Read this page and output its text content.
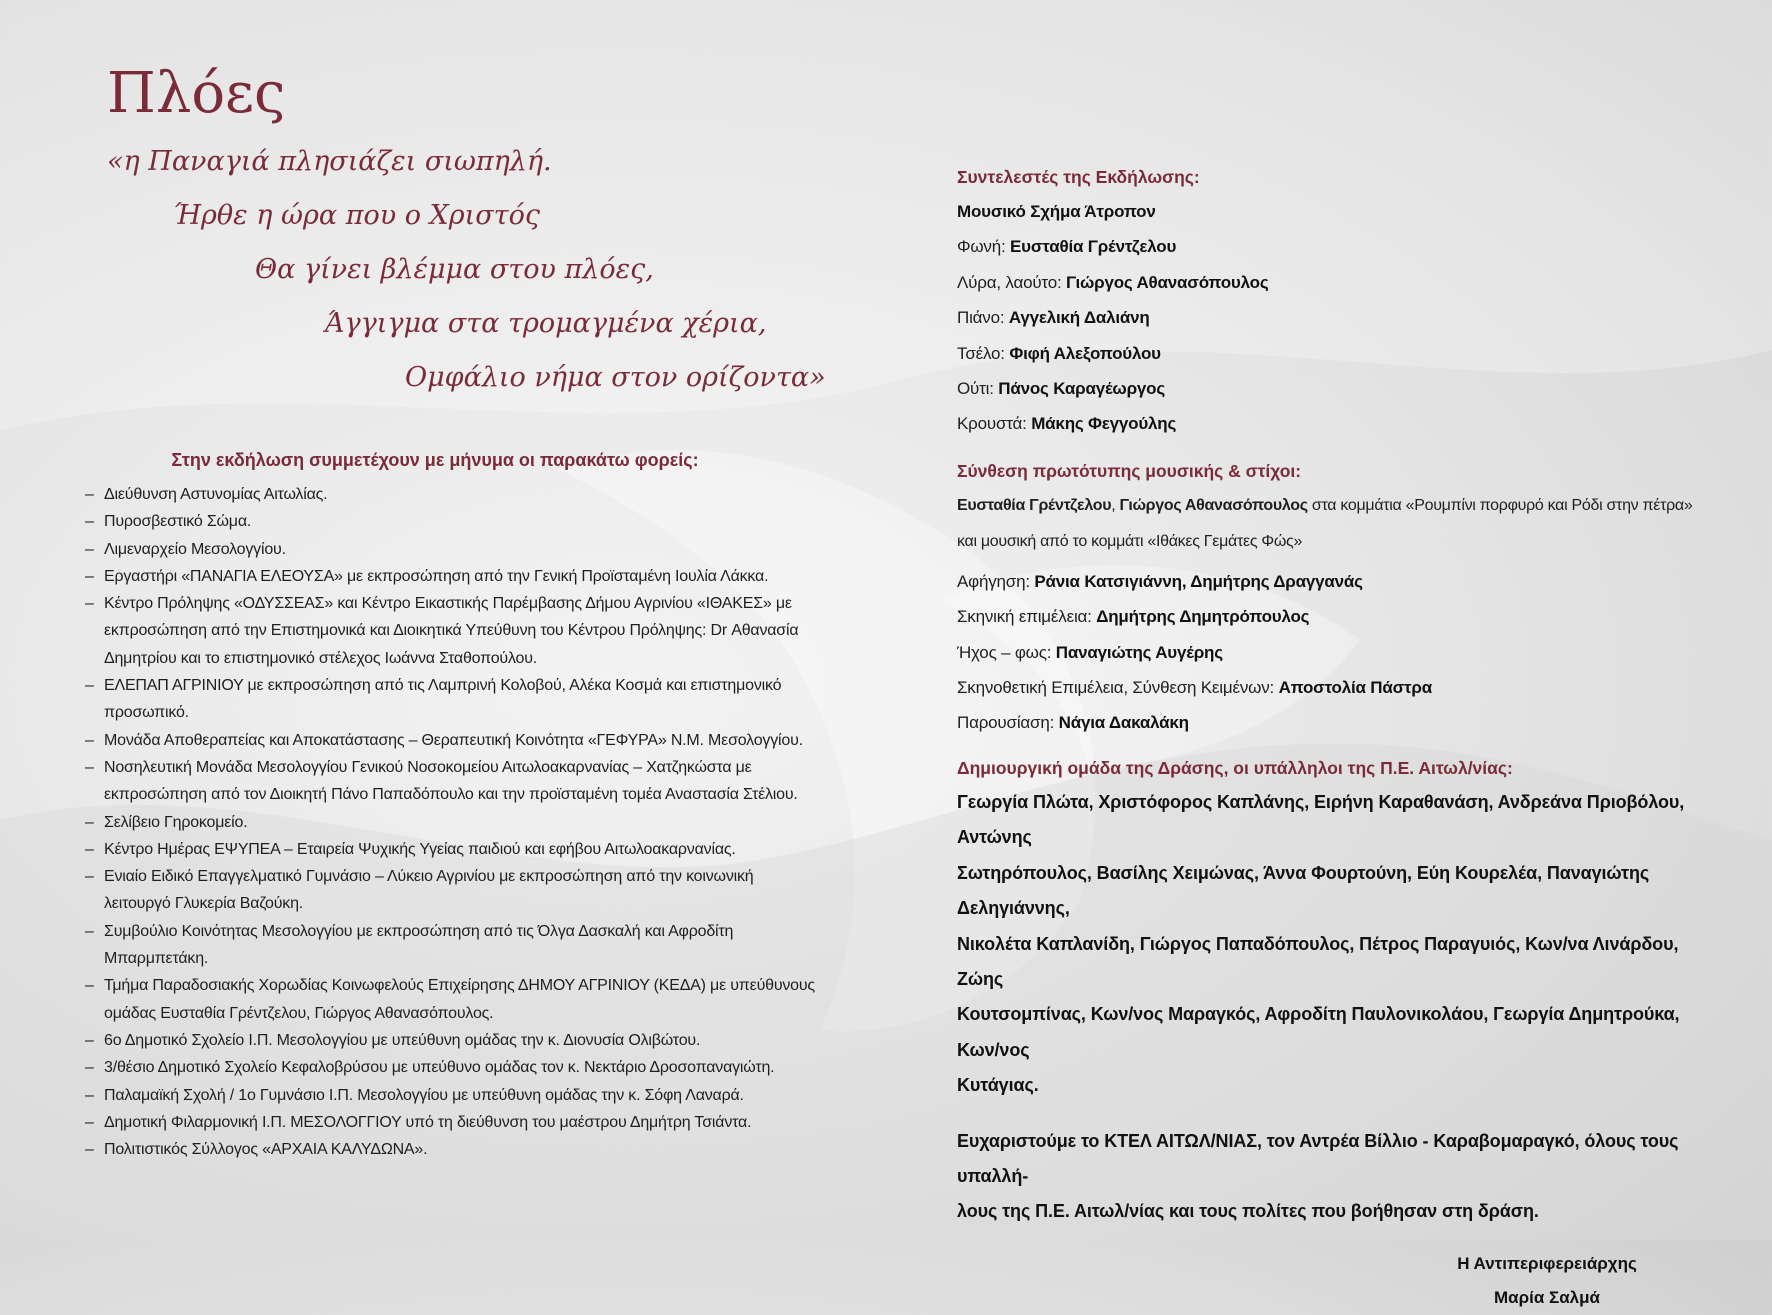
Πλόες
«η Παναγιά πλησιάζει σιωπηλή.
Ήρθε η ώρα που ο Χριστός
Θα γίνει βλέμμα στου πλόες,
Άγγιγμα στα τρομαγμένα χέρια,
Ομφάλιο νήμα στον ορίζοντα»
Στην εκδήλωση συμμετέχουν με μήνυμα οι παρακάτω φορείς:
– Διεύθυνση Αστυνομίας Αιτωλίας.
– Πυροσβεστικό Σώμα.
– Λιμεναρχείο Μεσολογγίου.
– Εργαστήρι «ΠΑΝΑΓΙΑ ΕΛΕΟΥΣΑ» με εκπροσώπηση από την Γενική Προϊσταμένη Ιουλία Λάκκα.
– Κέντρο Πρόληψης «ΟΔΥΣΣΕΑΣ» και Κέντρο Εικαστικής Παρέμβασης Δήμου Αγρινίου «ΙΘΑΚΕΣ» με εκπροσώπηση από την Επιστημονικά και Διοικητικά Υπεύθυνη του Κέντρου Πρόληψης: Dr Αθανασία Δημητρίου και το επιστημονικό στέλεχος Ιωάννα Σταθοπούλου.
– ΕΛΕΠΑΠ ΑΓΡΙΝΙΟΥ με εκπροσώπηση από τις Λαμπρινή Κολοβού, Αλέκα Κοσμά και επιστημονικό προσωπικό.
– Μονάδα Αποθεραπείας και Αποκατάστασης – Θεραπευτική Κοινότητα «ΓΕΦΥΡΑ» Ν.Μ. Μεσολογγίου.
– Νοσηλευτική Μονάδα Μεσολογγίου Γενικού Νοσοκομείου Αιτωλοακαρνανίας – Χατζηκώστα με εκπροσώπηση από τον Διοικητή Πάνο Παπαδόπουλο και την προϊσταμένη τομέα Αναστασία Στέλιου.
– Σελίβειο Γηροκομείο.
– Κέντρο Ημέρας ΕΨΥΠΕΑ – Εταιρεία Ψυχικής Υγείας παιδιού και εφήβου Αιτωλοακαρνανίας.
– Ενιαίο Ειδικό Επαγγελματικό Γυμνάσιο – Λύκειο Αγρινίου με εκπροσώπηση από την κοινωνική λειτουργό Γλυκερία Βαζούκη.
– Συμβούλιο Κοινότητας Μεσολογγίου με εκπροσώπηση από τις Όλγα Δασκαλή και Αφροδίτη Μπαρμπετάκη.
– Τμήμα Παραδοσιακής Χορωδίας Κοινωφελούς Επιχείρησης ΔΗΜΟΥ ΑΓΡΙΝΙΟΥ (ΚΕΔΑ) με υπεύθυνους ομάδας Ευσταθία Γρέντζελου, Γιώργος Αθανασόπουλος.
– 6ο Δημοτικό Σχολείο Ι.Π. Μεσολογγίου με υπεύθυνη ομάδας την κ. Διονυσία Ολιβώτου.
– 3/θέσιο Δημοτικό Σχολείο Κεφαλοβρύσου με υπεύθυνο ομάδας τον κ. Νεκτάριο Δροσοπαναγιώτη.
– Παλαμαϊκή Σχολή / 1ο Γυμνάσιο Ι.Π. Μεσολογγίου με υπεύθυνη ομάδας την κ. Σόφη Λαναρά.
– Δημοτική Φιλαρμονική Ι.Π. ΜΕΣΟΛΟΓΓΙΟΥ υπό τη διεύθυνση του μαέστρου Δημήτρη Τσιάντα.
– Πολιτιστικός Σύλλογος «ΑΡΧΑΙΑ ΚΑΛΥΔΩΝΑ».
Συντελεστές της Εκδήλωσης:
Μουσικό Σχήμα Άτροπον
Φωνή: Ευσταθία Γρέντζελου
Λύρα, λαούτο: Γιώργος Αθανασόπουλος
Πιάνο: Αγγελική Δαλιάνη
Τσέλο: Φιφή Αλεξοπούλου
Ούτι: Πάνος Καραγέωργος
Κρουστά: Μάκης Φεγγούλης
Σύνθεση πρωτότυπης μουσικής & στίχοι:
Ευσταθία Γρέντζελου, Γιώργος Αθανασόπουλος στα κομμάτια «Ρουμπίνι πορφυρό και Ρόδι στην πέτρα»
και μουσική από το κομμάτι «Ιθάκες Γεμάτες Φώς»
Αφήγηση: Ράνια Κατσιγιάννη, Δημήτρης Δραγγανάς
Σκηνική επιμέλεια: Δημήτρης Δημητρόπουλος
Ήχος – φως: Παναγιώτης Αυγέρης
Σκηνοθετική Επιμέλεια, Σύνθεση Κειμένων: Αποστολία Πάστρα
Παρουσίαση: Νάγια Δακαλάκη
Δημιουργική ομάδα της Δράσης, οι υπάλληλοι της Π.Ε. Αιτωλ/νίας:
Γεωργία Πλώτα, Χριστόφορος Καπλάνης, Ειρήνη Καραθανάση, Ανδρεάνα Πριοβόλου, Αντώνης
Σωτηρόπουλος, Βασίλης Χειμώνας, Άννα Φουρτούνη, Εύη Κουρελέα, Παναγιώτης Δεληγιάννης,
Νικολέτα Καπλανίδη, Γιώργος Παπαδόπουλος, Πέτρος Παραγυιός, Κων/να Λινάρδου, Ζώης
Κουτσομπίνας, Κων/νος Μαραγκός, Αφροδίτη Παυλονικολάου, Γεωργία Δημητρούκα, Κων/νος
Κυτάγιας.
Ευχαριστούμε το ΚΤΕΛ ΑΙΤΩΛ/ΝΙΑΣ, τον Αντρέα Βίλλιο - Καραβομαραγκό, όλους τους υπαλλή-
λους της Π.Ε. Αιτωλ/νίας και τους πολίτες που βοήθησαν στη δράση.
Η Αντιπεριφερειάρχης
Μαρία Σαλμά
